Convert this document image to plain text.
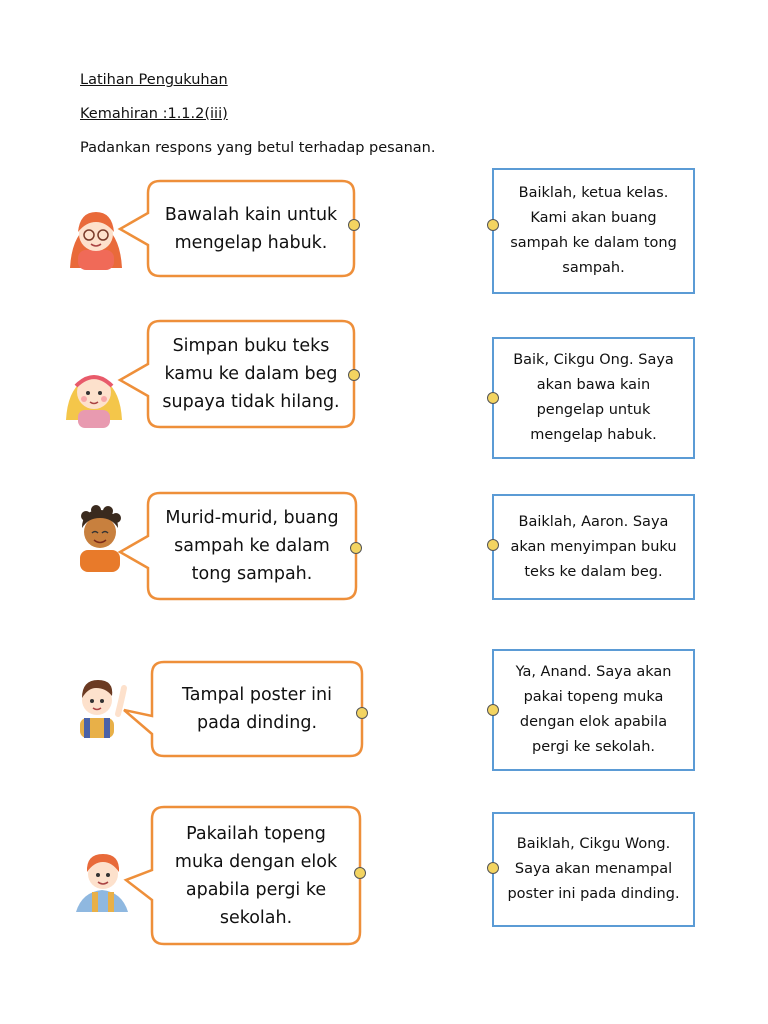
Latihan Pengukuhan
Kemahiran :1.1.2(iii)
Padankan respons yang betul terhadap pesanan.
Bawalah kain untuk
mengelap habuk.
Simpan buku teks
kamu ke dalam beg
supaya tidak hilang.
Murid-murid, buang
sampah ke dalam
tong sampah.
Tampal poster ini
pada dinding.
Pakailah topeng
muka dengan elok
apabila pergi ke
sekolah.
Baiklah, ketua kelas.
Kami akan buang
sampah ke dalam tong
sampah.
Baik, Cikgu Ong. Saya
akan bawa kain
pengelap untuk
mengelap habuk.
Baiklah, Aaron. Saya
akan menyimpan buku
teks ke dalam beg.
Ya, Anand. Saya akan
pakai topeng muka
dengan elok apabila
pergi ke sekolah.
Baiklah, Cikgu Wong.
Saya akan menampal
poster ini pada dinding.
